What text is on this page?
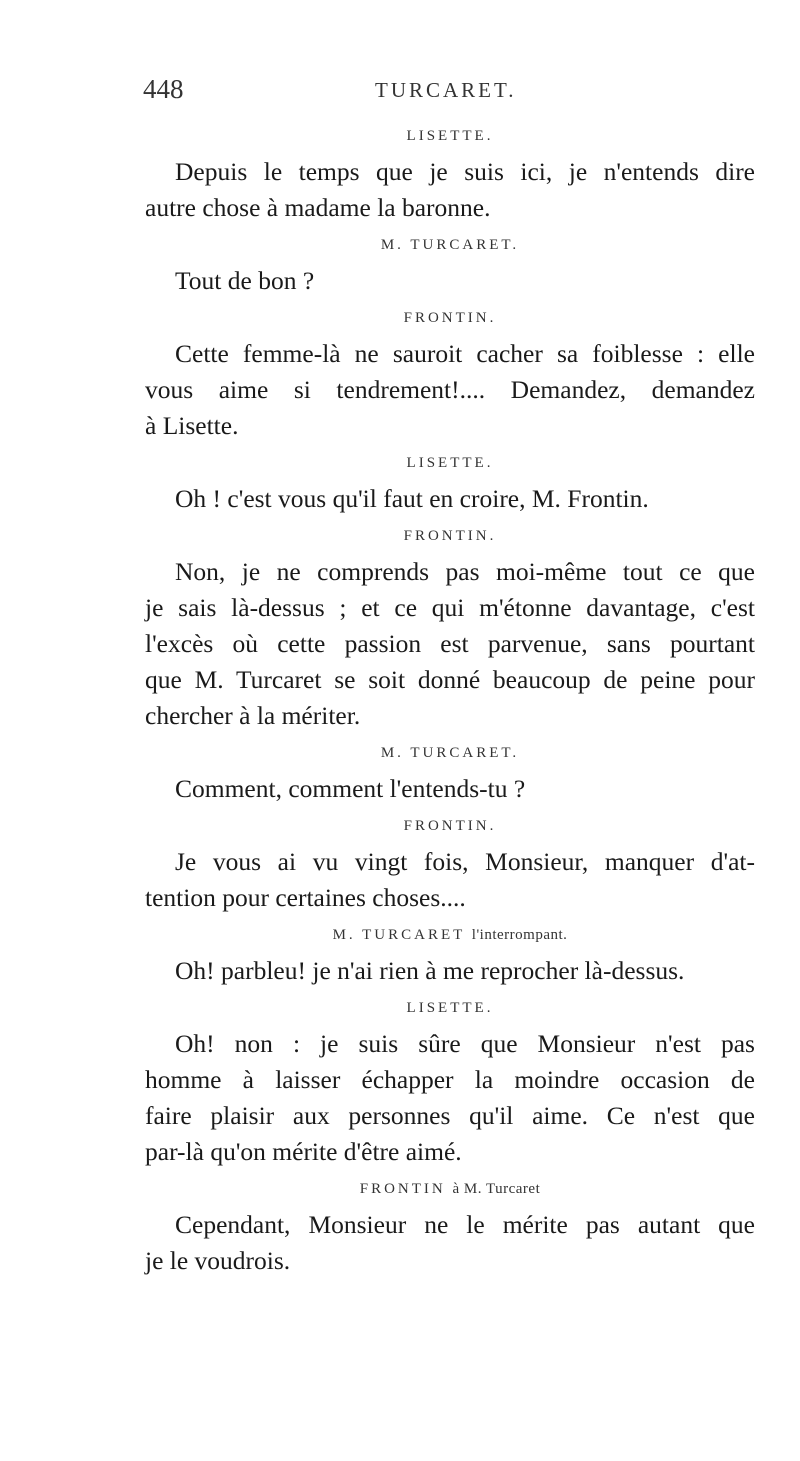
448	TURCARET.
LISETTE.
Depuis le temps que je suis ici, je n'entends dire
autre chose à madame la baronne.
M. TURCARET.
Tout de bon ?
FRONTIN.
Cette femme-là ne sauroit cacher sa foiblesse : elle
vous aime si tendrement!.... Demandez, demandez
à Lisette.
LISETTE.
Oh ! c'est vous qu'il faut en croire, M. Frontin.
FRONTIN.
Non, je ne comprends pas moi-même tout ce que
je sais là-dessus ; et ce qui m'étonne davantage, c'est
l'excès où cette passion est parvenue, sans pourtant
que M. Turcaret se soit donné beaucoup de peine pour
chercher à la mériter.
M. TURCARET.
Comment, comment l'entends-tu ?
FRONTIN.
Je vous ai vu vingt fois, Monsieur, manquer d'at-
tention pour certaines choses....
M. TURCARET l'interrompant.
Oh! parbleu! je n'ai rien à me reprocher là-dessus.
LISETTE.
Oh! non : je suis sûre que Monsieur n'est pas
homme à laisser échapper la moindre occasion de
faire plaisir aux personnes qu'il aime. Ce n'est que
par-là qu'on mérite d'être aimé.
FRONTIN à M. Turcaret
Cependant, Monsieur ne le mérite pas autant que
je le voudrois.
